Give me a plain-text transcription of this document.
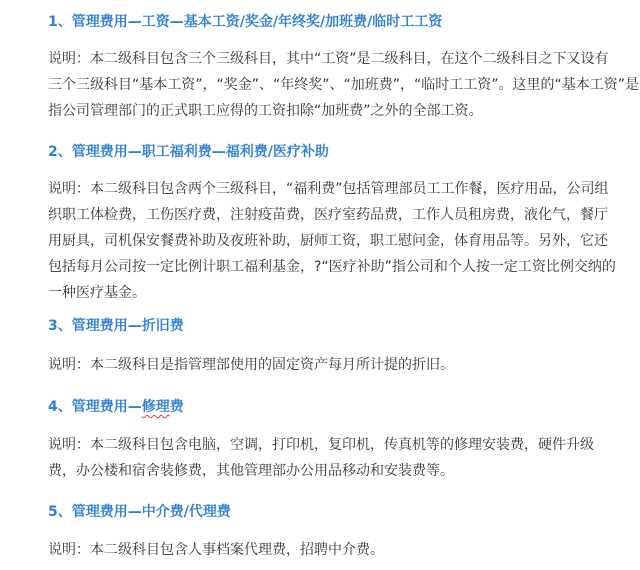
1、管理费用—工资—基本工资/奖金/年终奖/加班费/临时工工资
说明：本二级科目包含三个三级科目，其中“工资”是二级科目，在这个二级科目之下又设有
三个三级科目“基本工资”，“奖金”、“年终奖”、“加班费”，“临时工工资”。这里的“基本工资”是
指公司管理部门的正式职工应得的工资扣除“加班费”之外的全部工资。
2、管理费用—职工福利费—福利费/医疗补助
说明：本二级科目包含两个三级科目，“福利费”包括管理部员工工作餐，医疗用品，公司组
织职工体检费，工伤医疗费，注射疫苗费，医疗室药品费，工作人员租房费，液化气，餐厅
用厨具，司机保安餐费补助及夜班补助，厨师工资，职工慰问金，体育用品等。另外，它还
包括每月公司按一定比例计职工福利基金，?“医疗补助”指公司和个人按一定工资比例交纳的
一种医疗基金。
3、管理费用—折旧费
说明：本二级科目是指管理部使用的固定资产每月所计提的折旧。
4、管理费用—修理费
说明：本二级科目包含电脑，空调，打印机，复印机，传真机等的修理安装费，硬件升级
费，办公楼和宿舍装修费，其他管理部办公用品移动和安装费等。
5、管理费用—中介费/代理费
说明：本二级科目包含人事档案代理费，招聘中介费。
